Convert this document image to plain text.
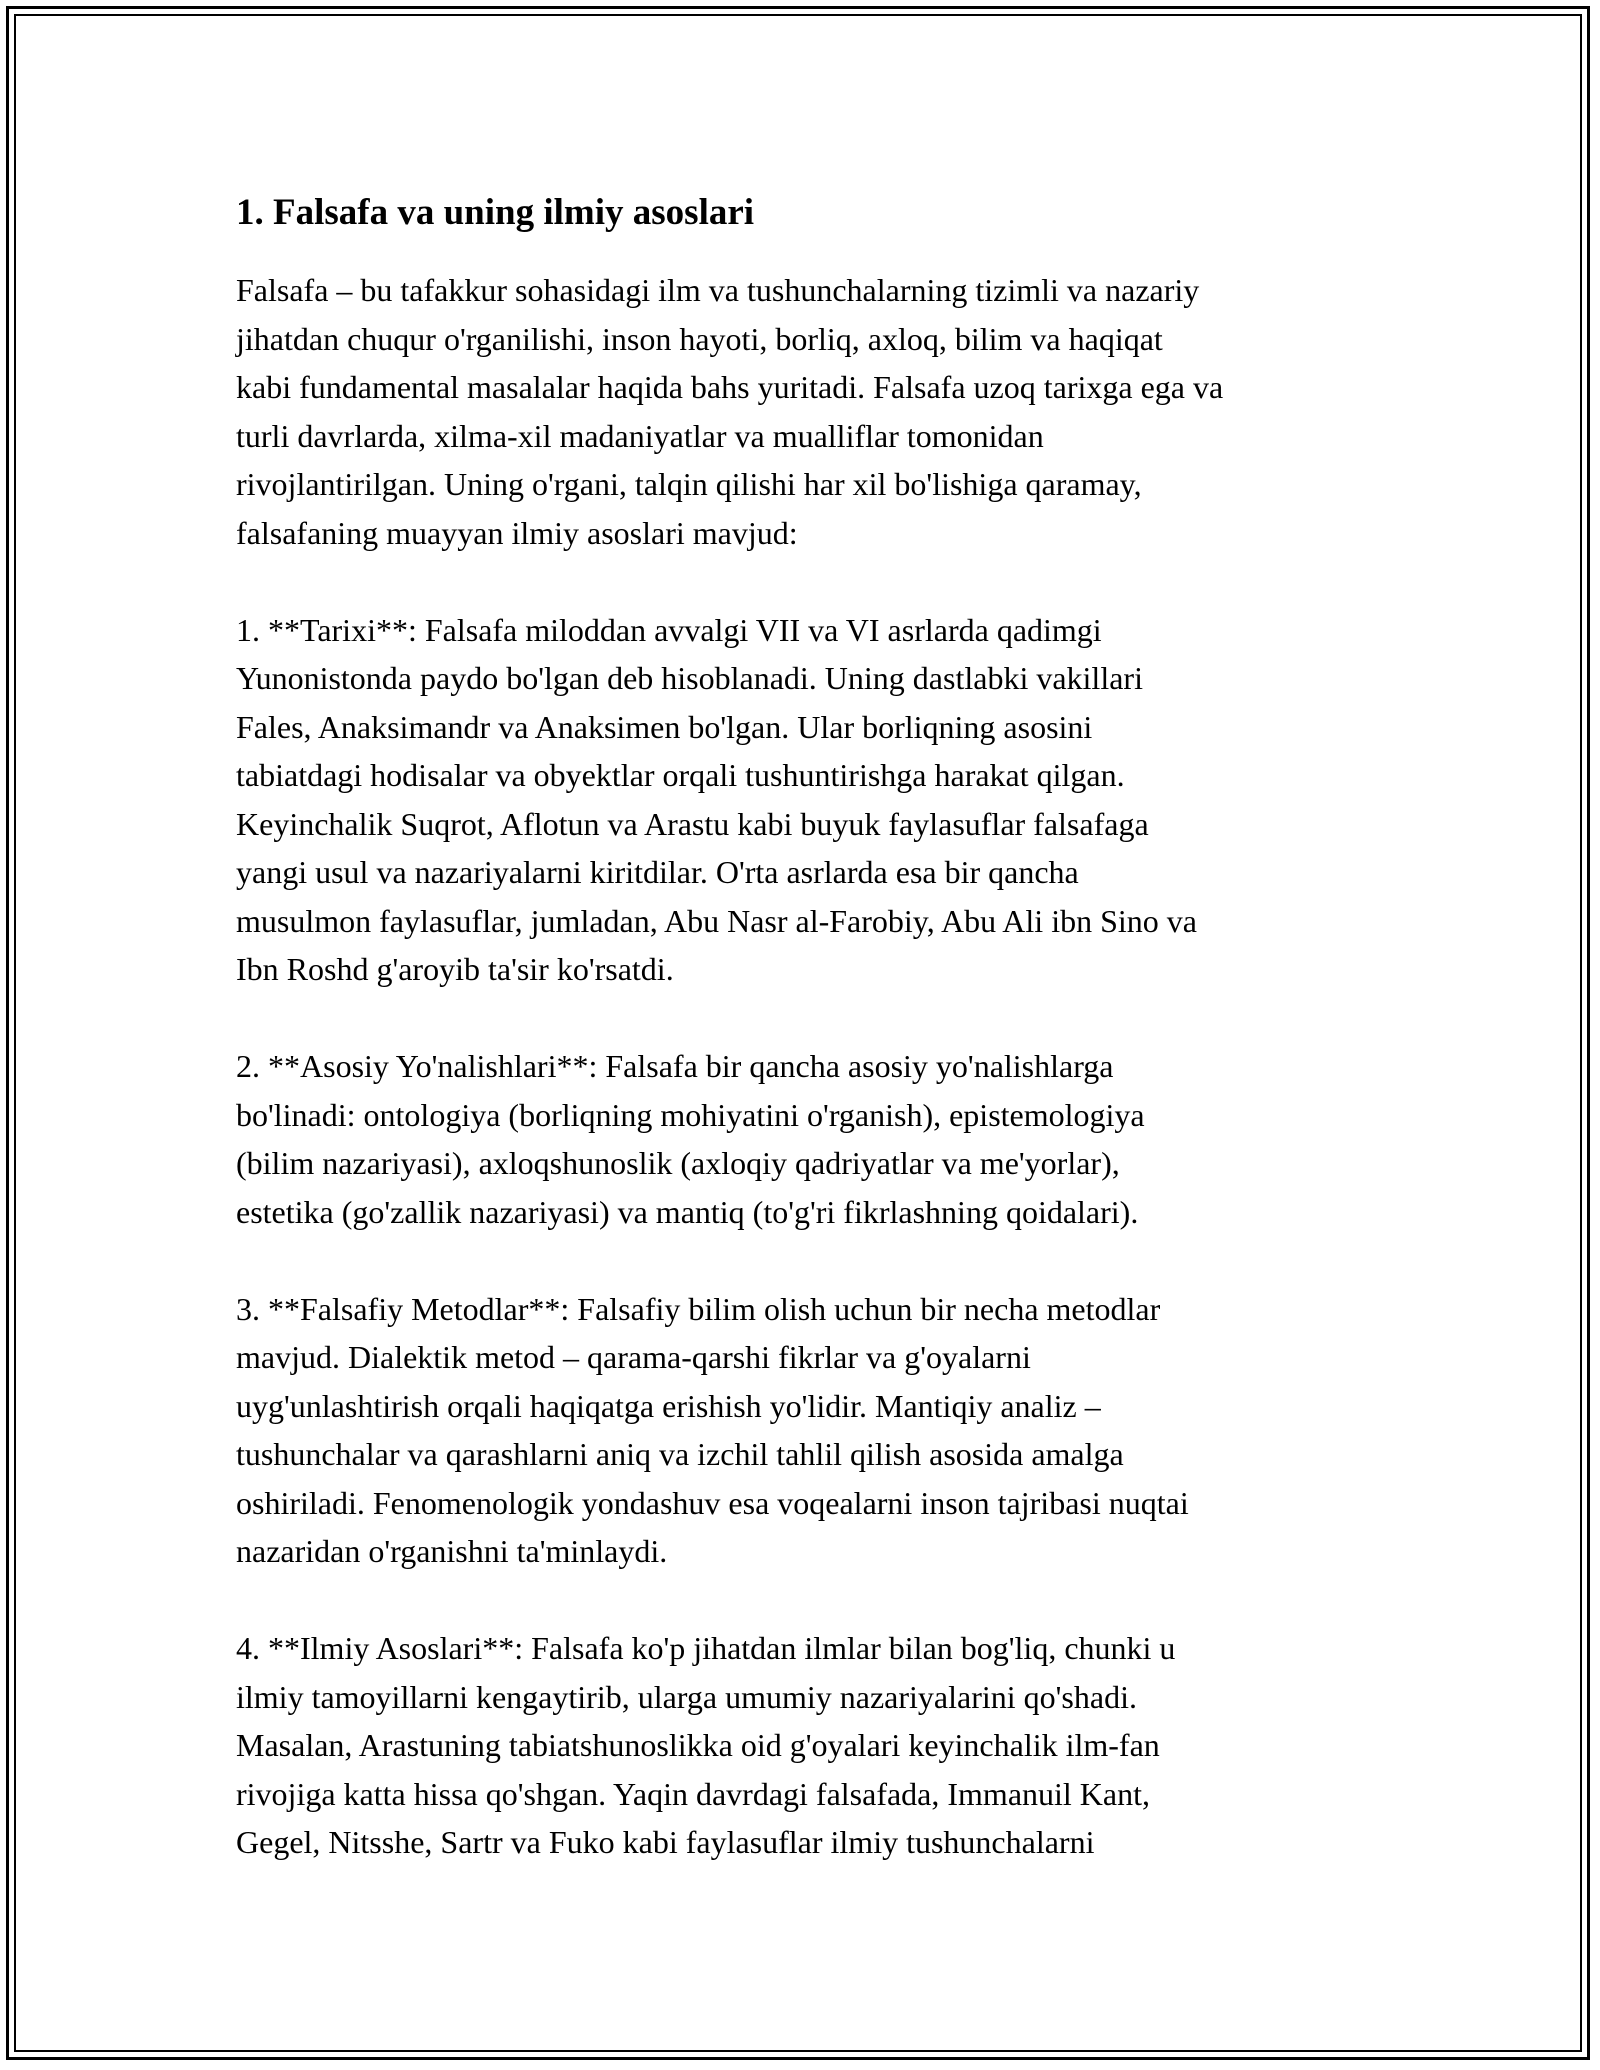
1. Falsafa va uning ilmiy asoslari

Falsafa – bu tafakkur sohasidagi ilm va tushunchalarning tizimli va nazariy
jihatdan chuqur o'rganilishi, inson hayoti, borliq, axloq, bilim va haqiqat
kabi fundamental masalalar haqida bahs yuritadi. Falsafa uzoq tarixga ega va
turli davrlarda, xilma-xil madaniyatlar va mualliflar tomonidan
rivojlantirilgan. Uning o'rgani, talqin qilishi har xil bo'lishiga qaramay,
falsafaning muayyan ilmiy asoslari mavjud:

1. **Tarixi**: Falsafa miloddan avvalgi VII va VI asrlarda qadimgi
Yunonistonda paydo bo'lgan deb hisoblanadi. Uning dastlabki vakillari
Fales, Anaksimandr va Anaksimen bo'lgan. Ular borliqning asosini
tabiatdagi hodisalar va obyektlar orqali tushuntirishga harakat qilgan.
Keyinchalik Suqrot, Aflotun va Arastu kabi buyuk faylasuflar falsafaga
yangi usul va nazariyalarni kiritdilar. O'rta asrlarda esa bir qancha
musulmon faylasuflar, jumladan, Abu Nasr al-Farobiy, Abu Ali ibn Sino va
Ibn Roshd g'aroyib ta'sir ko'rsatdi.

2. **Asosiy Yo'nalishlari**: Falsafa bir qancha asosiy yo'nalishlarga
bo'linadi: ontologiya (borliqning mohiyatini o'rganish), epistemologiya
(bilim nazariyasi), axloqshunoslik (axloqiy qadriyatlar va me'yorlar),
estetika (go'zallik nazariyasi) va mantiq (to'g'ri fikrlashning qoidalari).

3. **Falsafiy Metodlar**: Falsafiy bilim olish uchun bir necha metodlar
mavjud. Dialektik metod – qarama-qarshi fikrlar va g'oyalarni
uyg'unlashtirish orqali haqiqatga erishish yo'lidir. Mantiqiy analiz –
tushunchalar va qarashlarni aniq va izchil tahlil qilish asosida amalga
oshiriladi. Fenomenologik yondashuv esa voqealarni inson tajribasi nuqtai
nazaridan o'rganishni ta'minlaydi.

4. **Ilmiy Asoslari**: Falsafa ko'p jihatdan ilmlar bilan bog'liq, chunki u
ilmiy tamoyillarni kengaytirib, ularga umumiy nazariyalarini qo'shadi.
Masalan, Arastuning tabiatshunoslikka oid g'oyalari keyinchalik ilm-fan
rivojiga katta hissa qo'shgan. Yaqin davrdagi falsafada, Immanuil Kant,
Gegel, Nitsshe, Sartr va Fuko kabi faylasuflar ilmiy tushunchalarni
